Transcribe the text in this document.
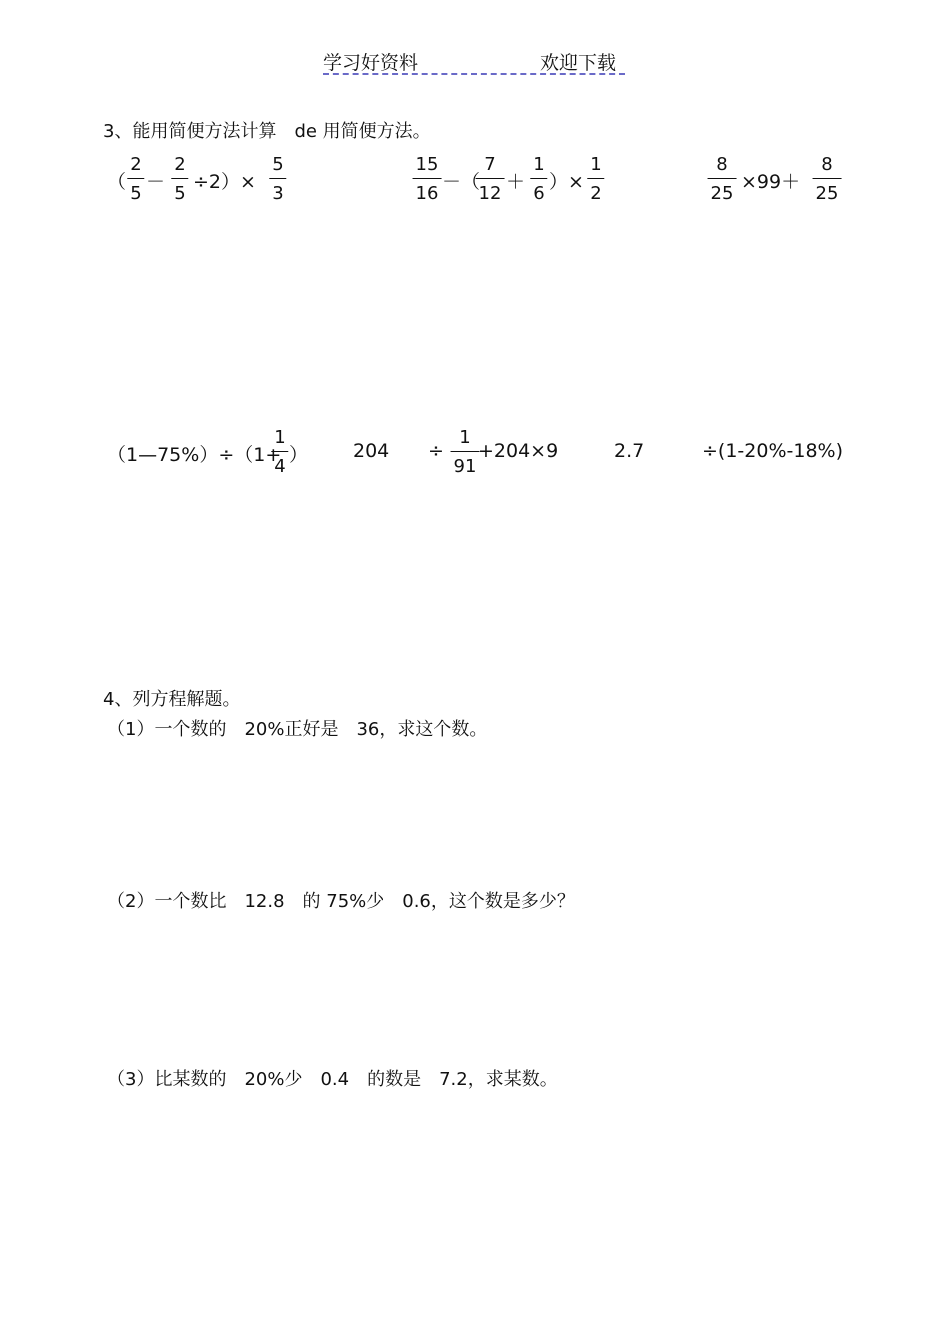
学习好资料	欢迎下载
3、能用简便方法计算　de 用简便方法。
（
2
5
－
2
5
÷2）×
5
3
15
16
－（
7
12
＋
1
6
）×
1
2
8
25
×99＋
8
25
（1—75%）÷（1+
1
4
） 204 ÷
1
91
+204×9	2.7	÷(1-20%-18%)
4、列方程解题。
（1）一个数的　20%正好是　36，求这个数。
（2）一个数比　12.8　的 75%少　0.6，这个数是多少？
（3）比某数的　20%少　0.4　的数是　7.2，求某数。
